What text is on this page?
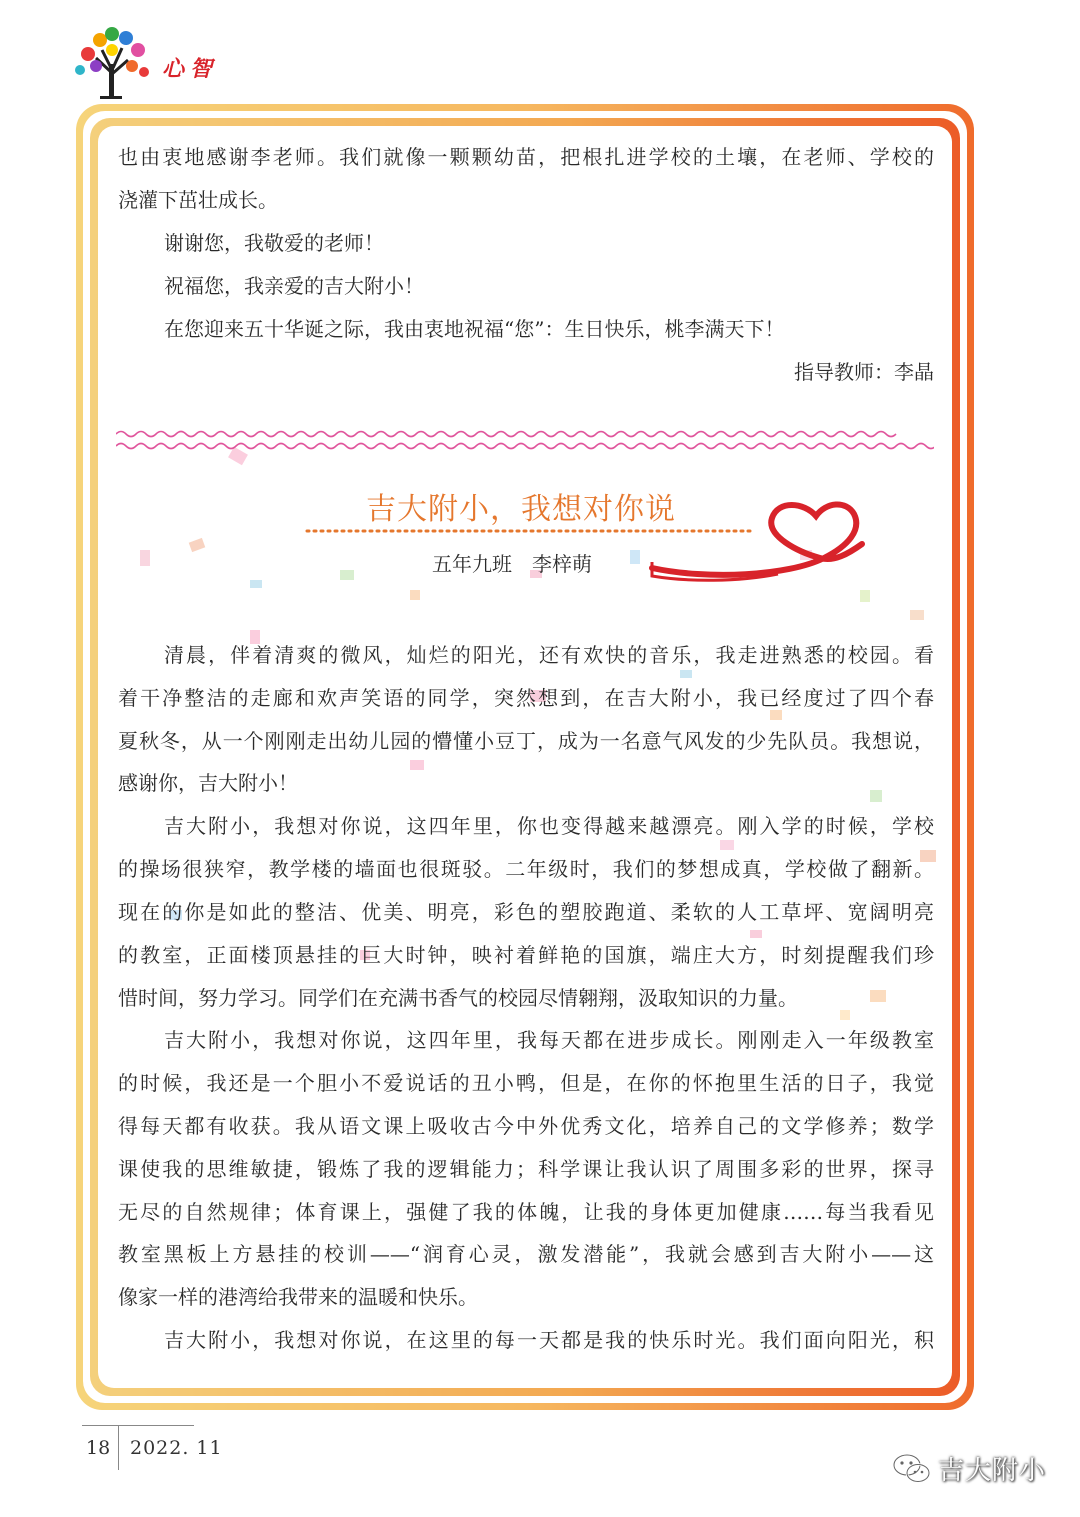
心智
也由衷地感谢李老师。我们就像一颗颗幼苗，把根扎进学校的土壤，在老师、学校的
浇灌下茁壮成长。
谢谢您，我敬爱的老师！
祝福您，我亲爱的吉大附小！
在您迎来五十华诞之际，我由衷地祝福“您”：生日快乐，桃李满天下！
指导教师：李晶
吉大附小，我想对你说
五年九班　李梓萌
清晨，伴着清爽的微风，灿烂的阳光，还有欢快的音乐，我走进熟悉的校园。看
着干净整洁的走廊和欢声笑语的同学，突然想到，在吉大附小，我已经度过了四个春
夏秋冬，从一个刚刚走出幼儿园的懵懂小豆丁，成为一名意气风发的少先队员。我想说，
感谢你，吉大附小！
吉大附小，我想对你说，这四年里，你也变得越来越漂亮。刚入学的时候，学校
的操场很狭窄，教学楼的墙面也很斑驳。二年级时，我们的梦想成真，学校做了翻新。
现在的你是如此的整洁、优美、明亮，彩色的塑胶跑道、柔软的人工草坪、宽阔明亮
的教室，正面楼顶悬挂的巨大时钟，映衬着鲜艳的国旗，端庄大方，时刻提醒我们珍
惜时间，努力学习。同学们在充满书香气的校园尽情翱翔，汲取知识的力量。
吉大附小，我想对你说，这四年里，我每天都在进步成长。刚刚走入一年级教室
的时候，我还是一个胆小不爱说话的丑小鸭，但是，在你的怀抱里生活的日子，我觉
得每天都有收获。我从语文课上吸收古今中外优秀文化，培养自己的文学修养；数学
课使我的思维敏捷，锻炼了我的逻辑能力；科学课让我认识了周围多彩的世界，探寻
无尽的自然规律；体育课上，强健了我的体魄，让我的身体更加健康……每当我看见
教室黑板上方悬挂的校训——“润育心灵，激发潜能”，我就会感到吉大附小——这
像家一样的港湾给我带来的温暖和快乐。
吉大附小，我想对你说，在这里的每一天都是我的快乐时光。我们面向阳光，积
18 2022. 11
吉大附小
